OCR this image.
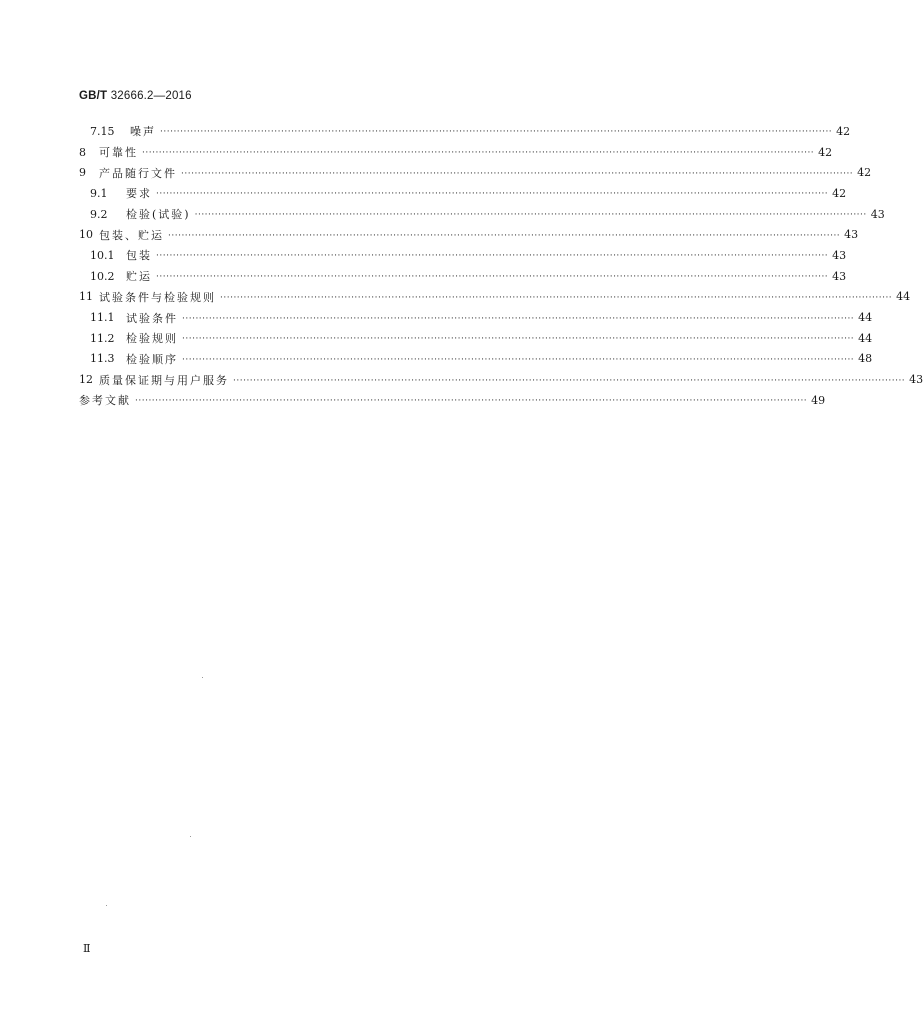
GB/T 32666.2—2016
7.15	噪声 ········································································································································································································ 42
8 可靠性 ········································································································································································································ 42
9 产品随行文件 ········································································································································································································ 42
9.1	要求 ········································································································································································································ 42
9.2	检验(试验) ········································································································································································································ 43
10 包装、贮运 ········································································································································································································ 43
10.1 包装 ········································································································································································································ 43
10.2 贮运 ········································································································································································································ 43
11 试验条件与检验规则 ········································································································································································································ 44
11.1 试验条件 ········································································································································································································ 44
11.2 检验规则 ········································································································································································································ 44
11.3 检验顺序 ········································································································································································································ 48
12 质量保证期与用户服务 ········································································································································································································ 43
参考文献 ········································································································································································································ 49
Ⅱ
